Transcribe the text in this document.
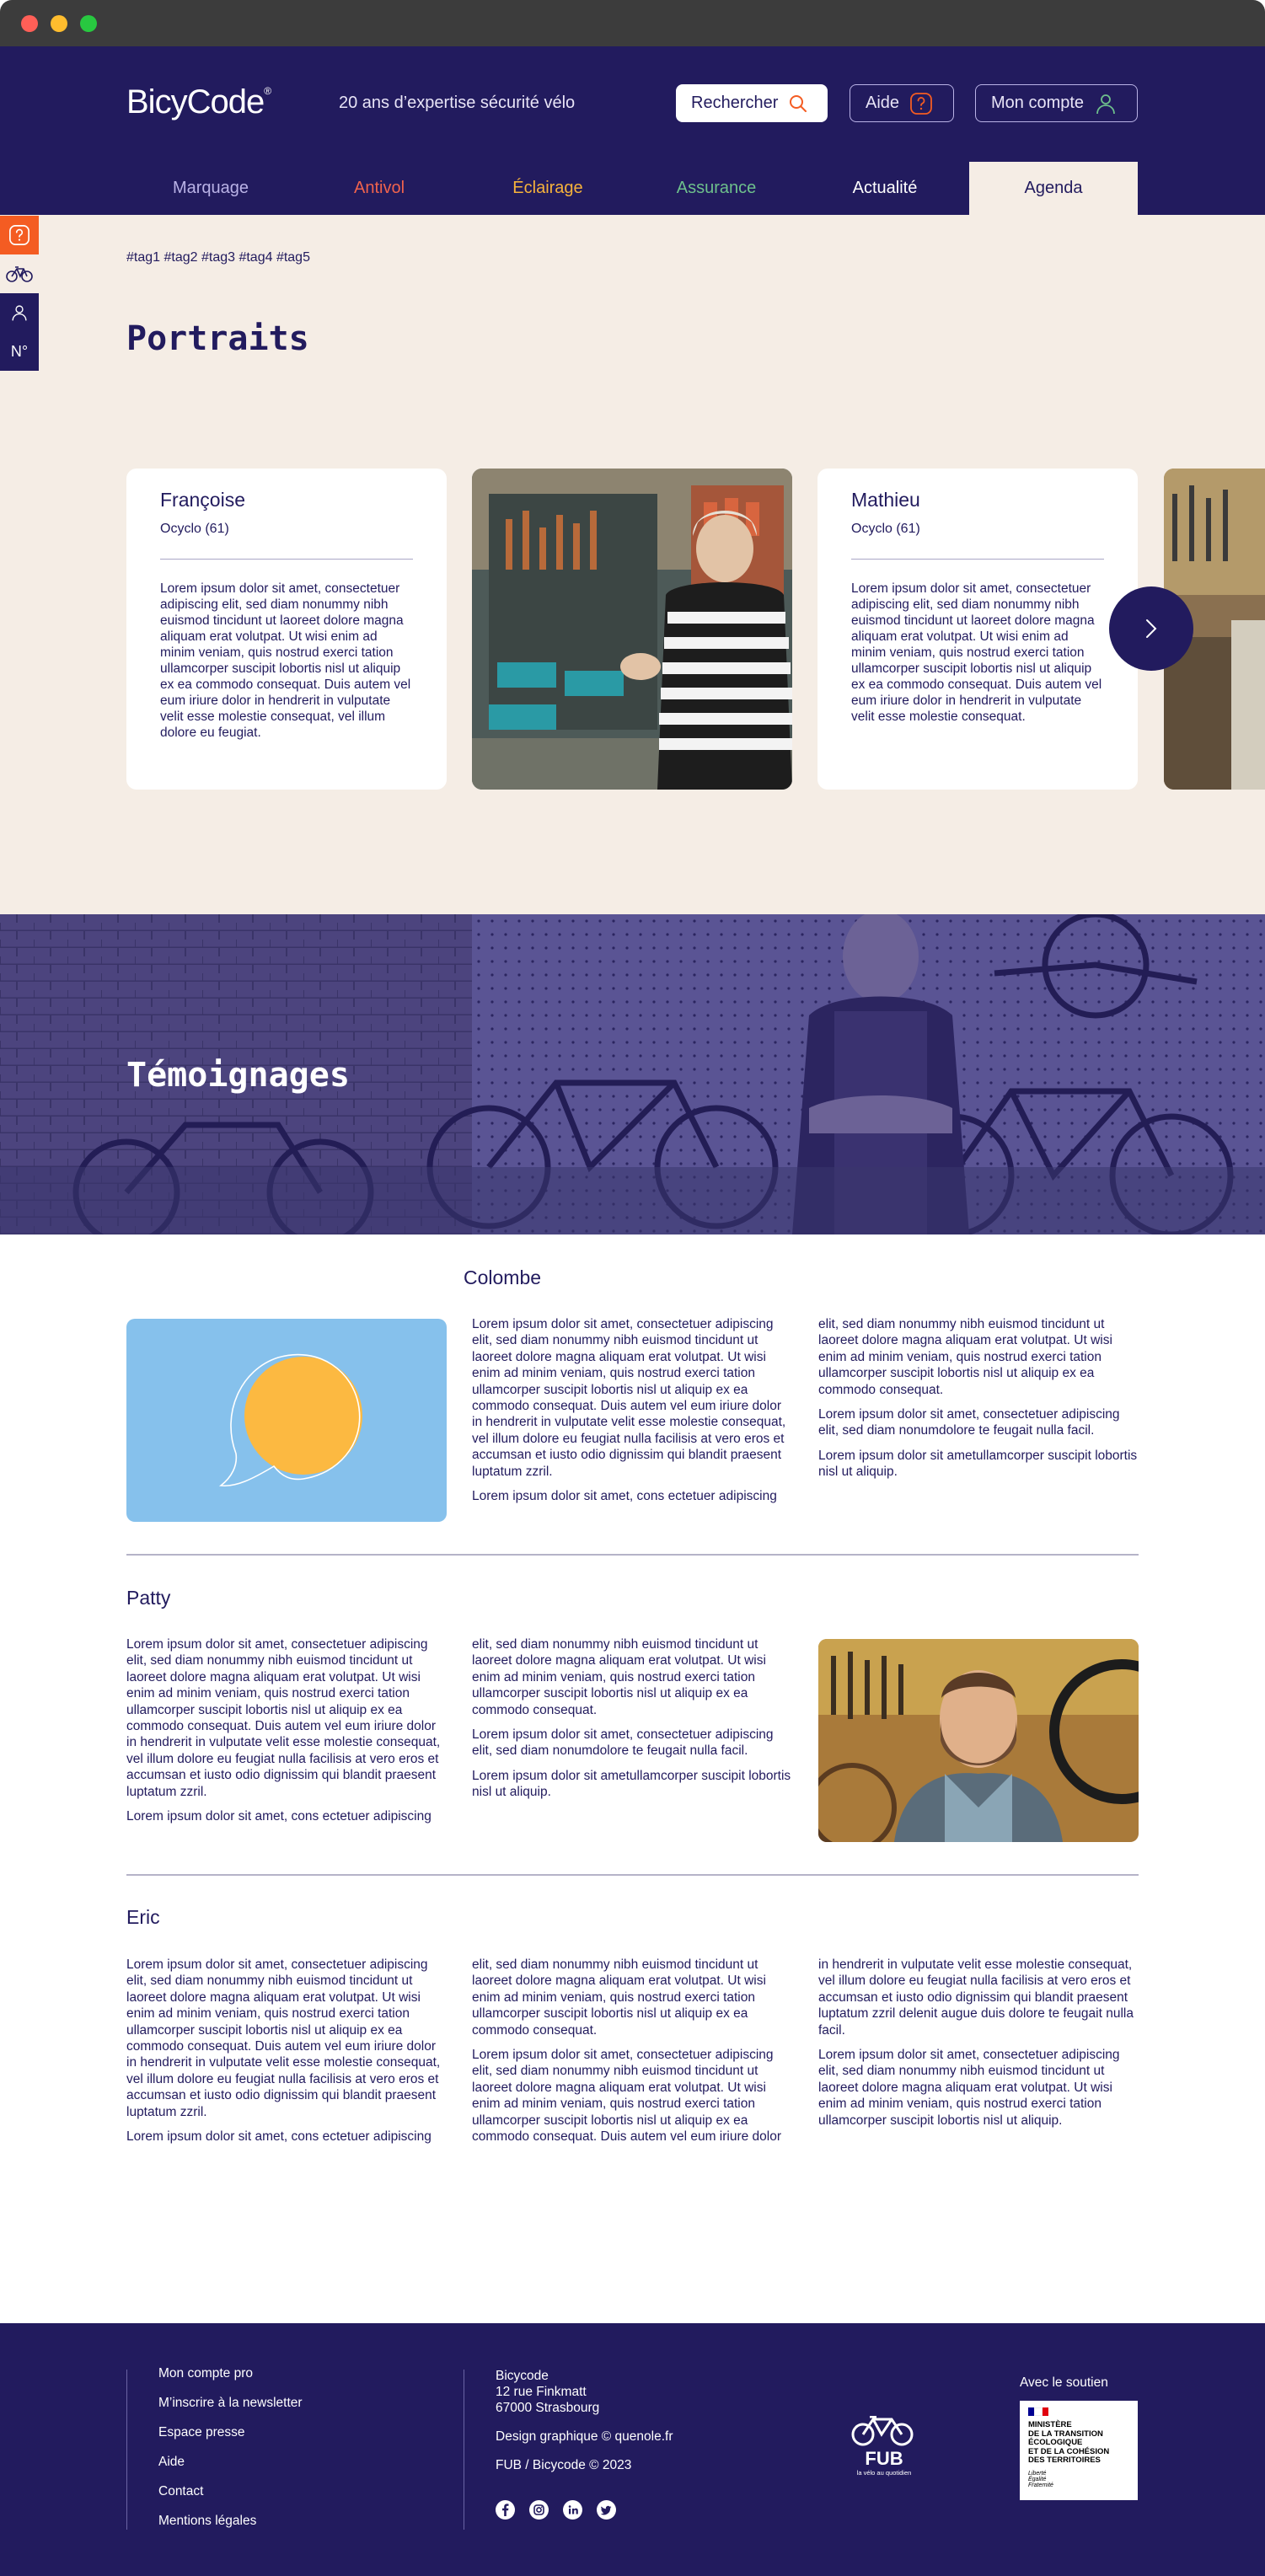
BicyCode®
20 ans d’expertise sécurité vélo	Rechercher	Aide	Mon compte
Marquage	Antivol	Éclairage	Assurance	Actualité	Agenda
#tag1 #tag2 #tag3 #tag4 #tag5
Portraits
Françoise
Ocyclo (61)
Lorem ipsum dolor sit amet, consectetuer adipiscing elit, sed diam nonummy nibh euismod tincidunt ut laoreet dolore magna aliquam erat volutpat. Ut wisi enim ad minim veniam, quis nostrud exerci tation ullamcorper suscipit lobortis nisl ut aliquip ex ea commodo consequat. Duis autem vel eum iriure dolor in hendrerit in vulputate velit esse molestie consequat, vel illum dolore eu feugiat.
Mathieu
Ocyclo (61)
Lorem ipsum dolor sit amet, consectetuer adipiscing elit, sed diam nonummy nibh euismod tincidunt ut laoreet dolore magna aliquam erat volutpat. Ut wisi enim ad minim veniam, quis nostrud exerci tation ullamcorper suscipit lobortis nisl ut aliquip ex ea commodo consequat. Duis autem vel eum iriure dolor in hendrerit in vulputate velit esse molestie consequat.
N°
Témoignages
Colombe

Lorem ipsum dolor sit amet, consectetuer adipiscing elit, sed diam nonummy nibh euismod tincidunt ut laoreet dolore magna aliquam erat volutpat. Ut wisi enim ad minim veniam, quis nostrud exerci tation ullamcorper suscipit lobortis nisl ut aliquip ex ea commodo consequat. Duis autem vel eum iriure dolor in hendrerit in vulputate velit esse molestie consequat, vel illum dolore eu feugiat nulla facilisis at vero eros et accumsan et iusto odio dignissim qui blandit praesent luptatum zzril.

Lorem ipsum dolor sit amet, cons ectetuer adipiscing

elit, sed diam nonummy nibh euismod tincidunt ut laoreet dolore magna aliquam erat volutpat. Ut wisi enim ad minim veniam, quis nostrud exerci tation ullamcorper suscipit lobortis nisl ut aliquip ex ea commodo consequat.

Lorem ipsum dolor sit amet, consectetuer adipiscing elit, sed diam nonumdolore te feugait nulla facil.

Lorem ipsum dolor sit ametullamcorper suscipit lobortis nisl ut aliquip.

Patty

Lorem ipsum dolor sit amet, consectetuer adipiscing elit, sed diam nonummy nibh euismod tincidunt ut laoreet dolore magna aliquam erat volutpat. Ut wisi enim ad minim veniam, quis nostrud exerci tation ullamcorper suscipit lobortis nisl ut aliquip ex ea commodo consequat. Duis autem vel eum iriure dolor in hendrerit in vulputate velit esse molestie consequat, vel illum dolore eu feugiat nulla facilisis at vero eros et accumsan et iusto odio dignissim qui blandit praesent luptatum zzril.

Lorem ipsum dolor sit amet, cons ectetuer adipiscing

elit, sed diam nonummy nibh euismod tincidunt ut laoreet dolore magna aliquam erat volutpat. Ut wisi enim ad minim veniam, quis nostrud exerci tation ullamcorper suscipit lobortis nisl ut aliquip ex ea commodo consequat.

Lorem ipsum dolor sit amet, consectetuer adipiscing elit, sed diam nonumdolore te feugait nulla facil.

Lorem ipsum dolor sit ametullamcorper suscipit lobortis nisl ut aliquip.

Eric

Lorem ipsum dolor sit amet, consectetuer adipiscing elit, sed diam nonummy nibh euismod tincidunt ut laoreet dolore magna aliquam erat volutpat. Ut wisi enim ad minim veniam, quis nostrud exerci tation ullamcorper suscipit lobortis nisl ut aliquip ex ea commodo consequat. Duis autem vel eum iriure dolor in hendrerit in vulputate velit esse molestie consequat, vel illum dolore eu feugiat nulla facilisis at vero eros et accumsan et iusto odio dignissim qui blandit praesent luptatum zzril.

Lorem ipsum dolor sit amet, cons ectetuer adipiscing

elit, sed diam nonummy nibh euismod tincidunt ut laoreet dolore magna aliquam erat volutpat. Ut wisi enim ad minim veniam, quis nostrud exerci tation ullamcorper suscipit lobortis nisl ut aliquip ex ea commodo consequat.

Lorem ipsum dolor sit amet, consectetuer adipiscing elit, sed diam nonummy nibh euismod tincidunt ut laoreet dolore magna aliquam erat volutpat. Ut wisi enim ad minim veniam, quis nostrud exerci tation ullamcorper suscipit lobortis nisl ut aliquip ex ea commodo consequat. Duis autem vel eum iriure dolor

in hendrerit in vulputate velit esse molestie consequat, vel illum dolore eu feugiat nulla facilisis at vero eros et accumsan et iusto odio dignissim qui blandit praesent luptatum zzril delenit augue duis dolore te feugait nulla facil.

Lorem ipsum dolor sit amet, consectetuer adipiscing elit, sed diam nonummy nibh euismod tincidunt ut laoreet dolore magna aliquam erat volutpat. Ut wisi enim ad minim veniam, quis nostrud exerci tation ullamcorper suscipit lobortis nisl ut aliquip.

Mon compte pro
M’inscrire à la newsletter
Espace presse
Aide
Contact
Mentions légales

Bicycode
12 rue Finkmatt
67000 Strasbourg

Design graphique © quenole.fr

FUB / Bicycode © 2023	FUB
la vélo au quotidien
Avec le soutien
MINISTÈRE
DE LA TRANSITION
ÉCOLOGIQUE
ET DE LA COHÉSION
DES TERRITOIRES
Liberté
Égalité
Fraternité
